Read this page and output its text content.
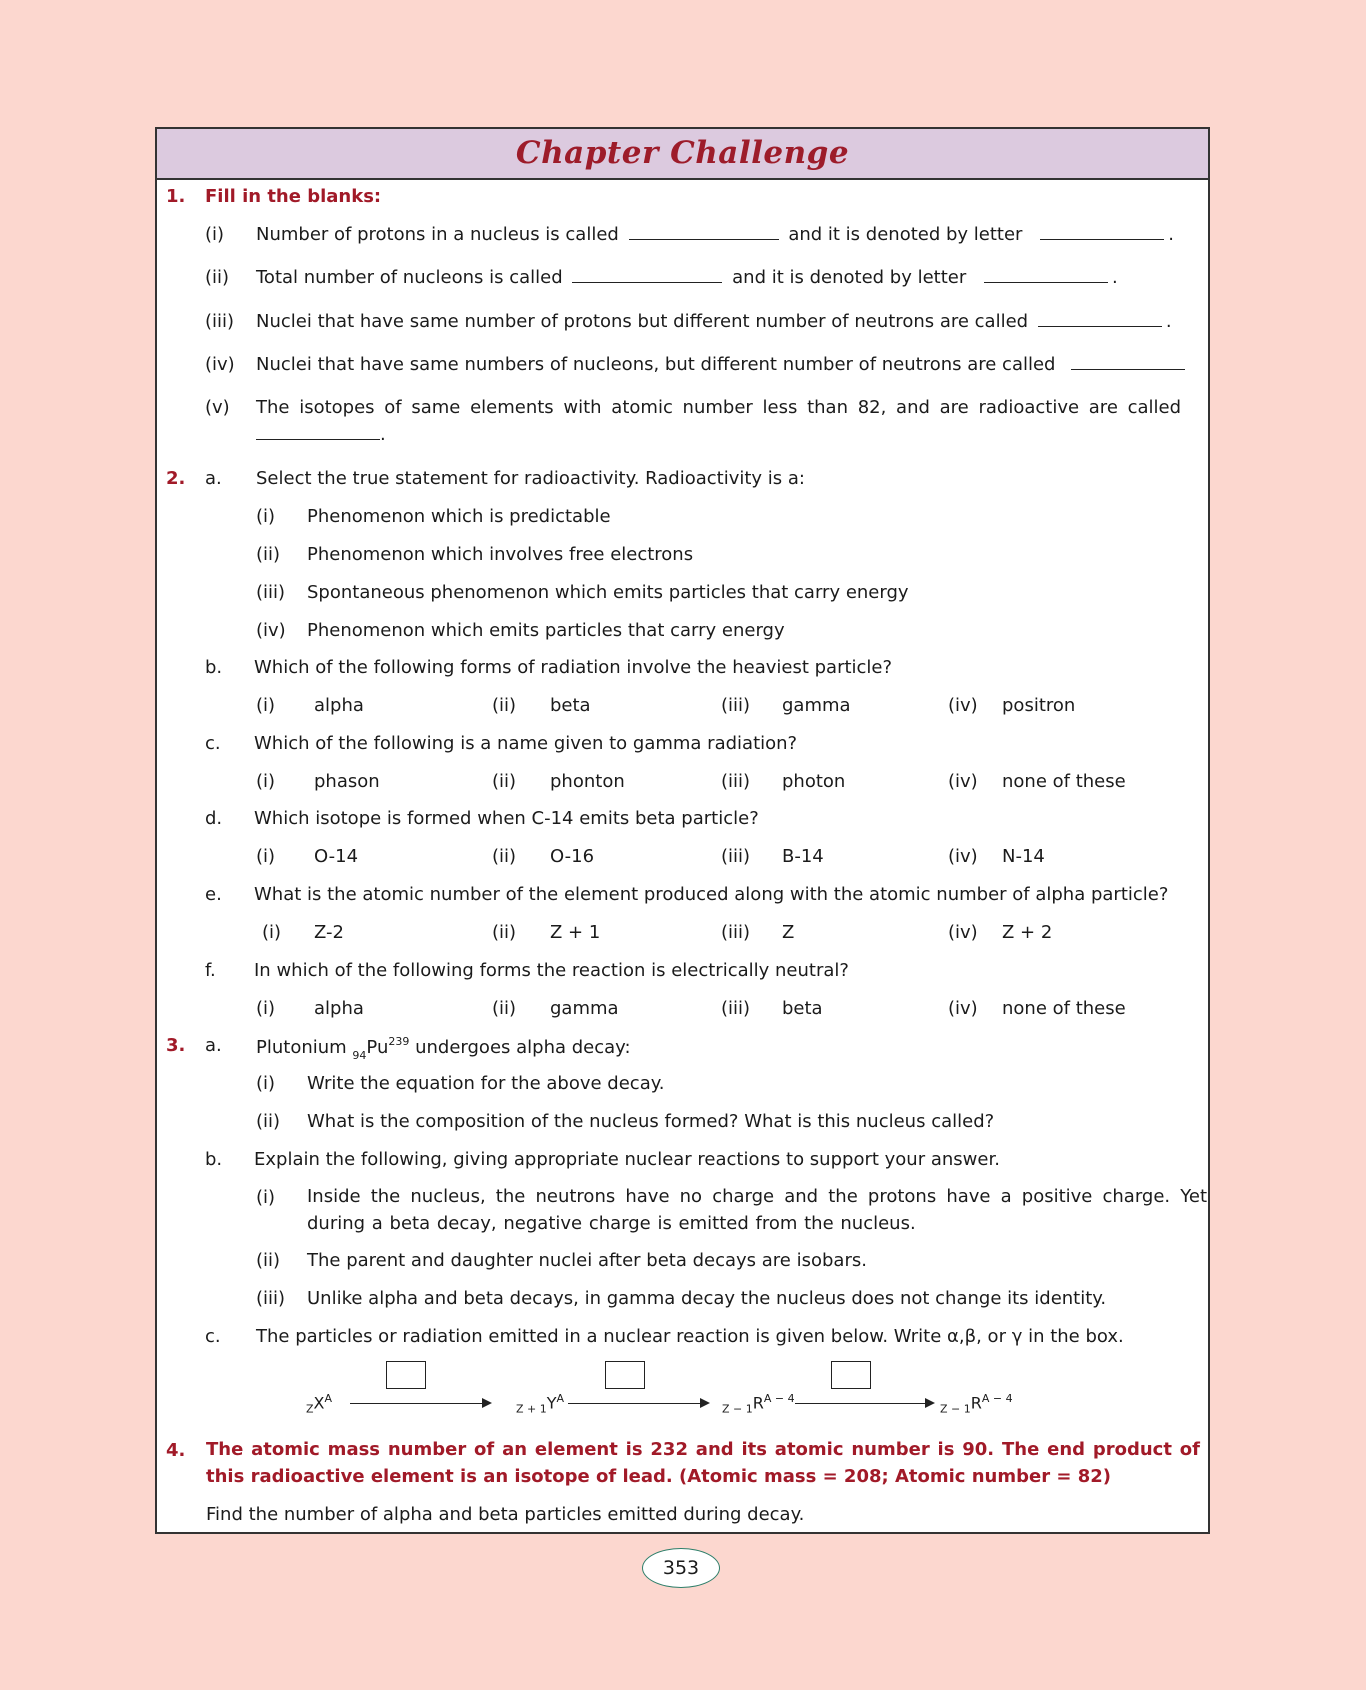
Chapter Challenge
1. Fill in the blanks:
(i) Number of protons in a nucleus is called	and it is denoted by letter	.
(ii) Total number of nucleons is called	and it is denoted by letter	.
(iii) Nuclei that have same number of protons but different number of neutrons are called	.
(iv) Nuclei that have same numbers of nucleons, but different number of neutrons are called
(v) The isotopes of same elements with atomic number less than 82, and are radioactive are called
.
2. a. Select the true statement for radioactivity. Radioactivity is a:
(i) Phenomenon which is predictable
(ii) Phenomenon which involves free electrons
(iii) Spontaneous phenomenon which emits particles that carry energy
(iv) Phenomenon which emits particles that carry energy
b. Which of the following forms of radiation involve the heaviest particle?
(i) alpha	(ii) beta	(iii) gamma	(iv) positron
c. Which of the following is a name given to gamma radiation?
(i) phason	(ii) phonton	(iii) photon	(iv) none of these
d. Which isotope is formed when C-14 emits beta particle?
(i) O-14	(ii) O-16	(iii) B-14	(iv) N-14
e. What is the atomic number of the element produced along with the atomic number of alpha particle?
(i) Z-2	(ii) Z + 1	(iii) Z	(iv) Z + 2
f. In which of the following forms the reaction is electrically neutral?
(i) alpha	(ii) gamma	(iii) beta	(iv) none of these
3. a. Plutonium $_{94}Pu^{239}$ undergoes alpha decay:
(i) Write the equation for the above decay.
(ii) What is the composition of the nucleus formed? What is this nucleus called?
b. Explain the following, giving appropriate nuclear reactions to support your answer.
(i) Inside the nucleus, the neutrons have no charge and the protons have a positive charge. Yet during a beta decay, negative charge is emitted from the nucleus.
(ii) The parent and daughter nuclei after beta decays are isobars.
(iii) Unlike alpha and beta decays, in gamma decay the nucleus does not change its identity.
c. The particles or radiation emitted in a nuclear reaction is given below. Write α,β, or γ in the box.
$_ZX^A$
$_{Z + 1}Y^A$
$_{Z - 1}R^{A - 4}$
$_{Z - 1}R^{A - 4}$
4. The atomic mass number of an element is 232 and its atomic number is 90. The end product of this radioactive element is an isotope of lead. (Atomic mass = 208; Atomic number = 82)
Find the number of alpha and beta particles emitted during decay.
353
